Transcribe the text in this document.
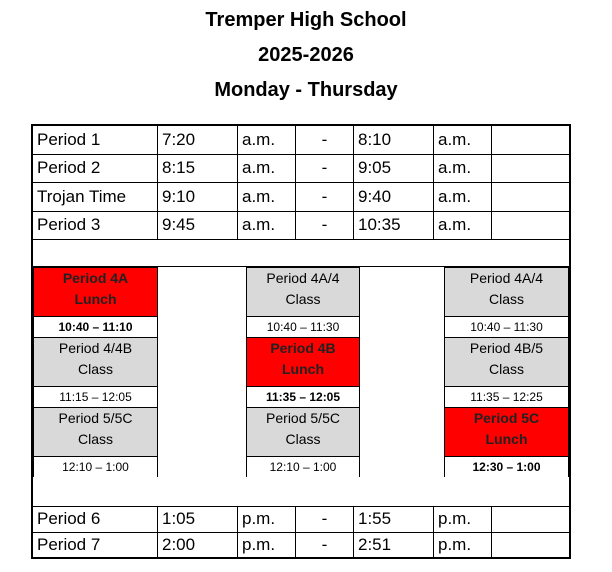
Tremper High School
2025-2026
Monday - Thursday
Period 1	7:20	a.m.	-	8:10	a.m.
Period 2	8:15	a.m.	-	9:05	a.m.
Trojan Time	9:10	a.m.	-	9:40	a.m.
Period 3	9:45	a.m.	-	10:35	a.m.
Period 4A
Lunch
10:40 – 11:10
Period 4/4B
Class
11:15 – 12:05
Period 5/5C
Class
12:10 – 1:00
Period 4A/4
Class
10:40 – 11:30
Period 4B
Lunch
11:35 – 12:05
Period 5/5C
Class
12:10 – 1:00
Period 4A/4
Class
10:40 – 11:30
Period 4B/5
Class
11:35 – 12:25
Period 5C
Lunch
12:30 – 1:00
Period 6	1:05	p.m.	-	1:55	p.m.
Period 7	2:00	p.m.	-	2:51	p.m.
